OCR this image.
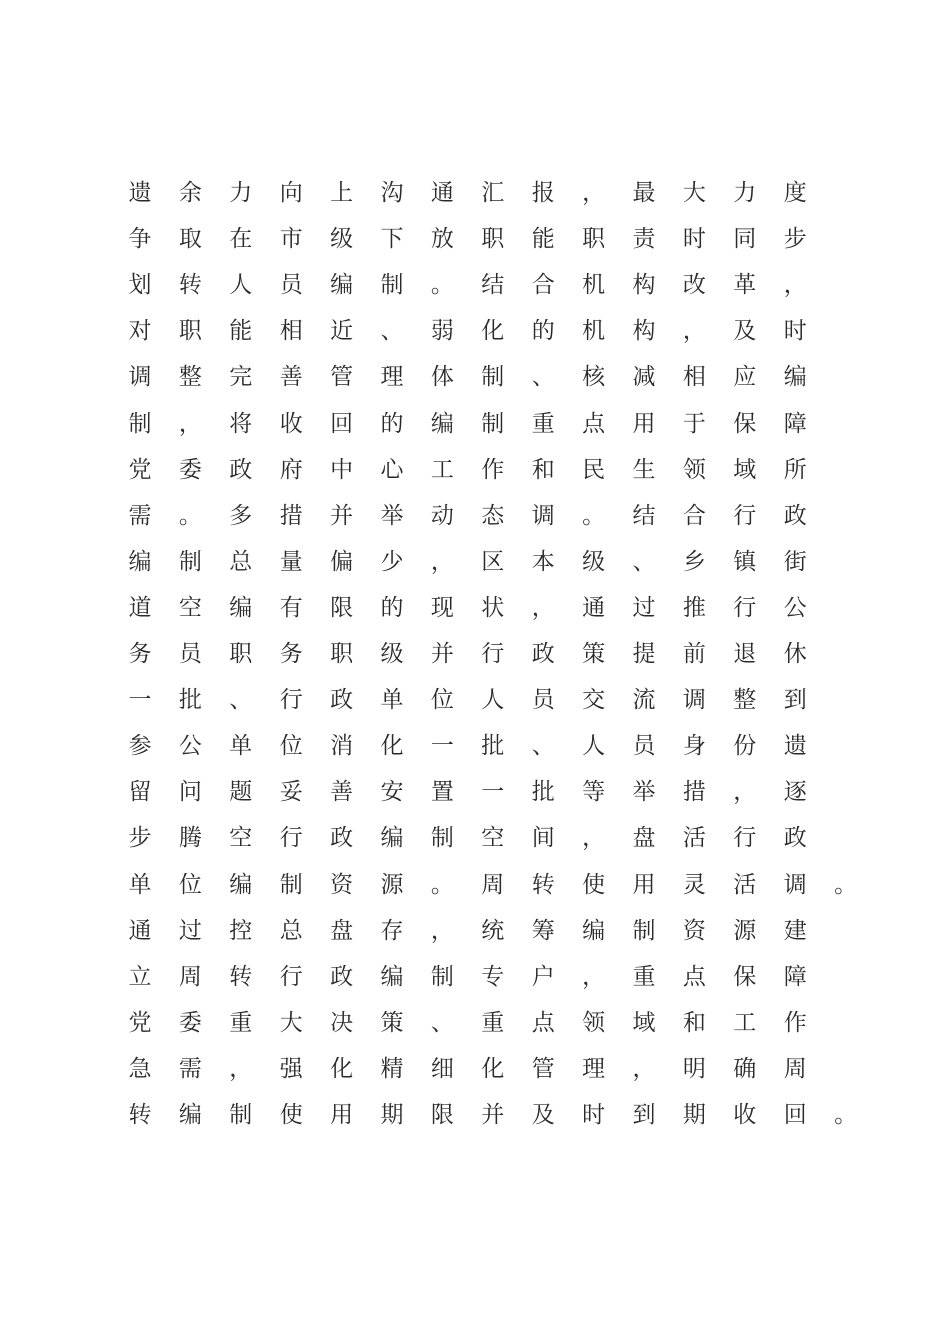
遗	余	力	向	上	沟	通	汇	报	，	最	大	力	度
争	取	在	市	级	下	放	职	能	职	责	时	同	步
划	转	人	员	编	制	。	结	合	机	构	改	革	，
对	职	能	相	近	、	弱	化	的	机	构	，	及	时
调	整	完	善	管	理	体	制	、	核	减	相	应	编
制	，	将	收	回	的	编	制	重	点	用	于	保	障
党	委	政	府	中	心	工	作	和	民	生	领	域	所
需	。	多	措	并	举	动	态	调	。	结	合	行	政
编	制	总	量	偏	少	，	区	本	级	、	乡	镇	街
道	空	编	有	限	的	现	状	，	通	过	推	行	公
务	员	职	务	职	级	并	行	政	策	提	前	退	休
一	批	、	行	政	单	位	人	员	交	流	调	整	到
参	公	单	位	消	化	一	批	、	人	员	身	份	遗
留	问	题	妥	善	安	置	一	批	等	举	措	，	逐
步	腾	空	行	政	编	制	空	间	，	盘	活	行	政
单	位	编	制	资	源	。	周	转	使	用	灵	活	调	。
通	过	控	总	盘	存	，	统	筹	编	制	资	源	建
立	周	转	行	政	编	制	专	户	，	重	点	保	障
党	委	重	大	决	策	、	重	点	领	域	和	工	作
急	需	，	强	化	精	细	化	管	理	，	明	确	周
转	编	制	使	用	期	限	并	及	时	到	期	收	回	。
